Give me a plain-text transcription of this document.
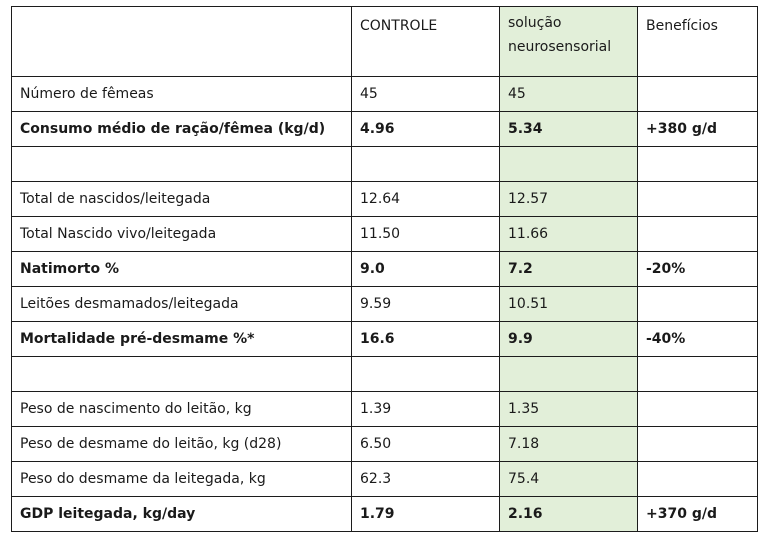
	CONTROLE	solução neurosensorial	Benefícios
Número de fêmeas	45	45	
Consumo médio de ração/fêmea (kg/d)	4.96	5.34	+380 g/d

Total de nascidos/leitegada	12.64	12.57	
Total Nascido vivo/leitegada	11.50	11.66	
Natimorto %	9.0	7.2	-20%
Leitões desmamados/leitegada	9.59	10.51	
Mortalidade pré-desmame %*	16.6	9.9	-40%

Peso de nascimento do leitão, kg	1.39	1.35	
Peso de desmame do leitão, kg (d28)	6.50	7.18	
Peso do desmame da leitegada, kg	62.3	75.4	
GDP leitegada, kg/day	1.79	2.16	+370 g/d
